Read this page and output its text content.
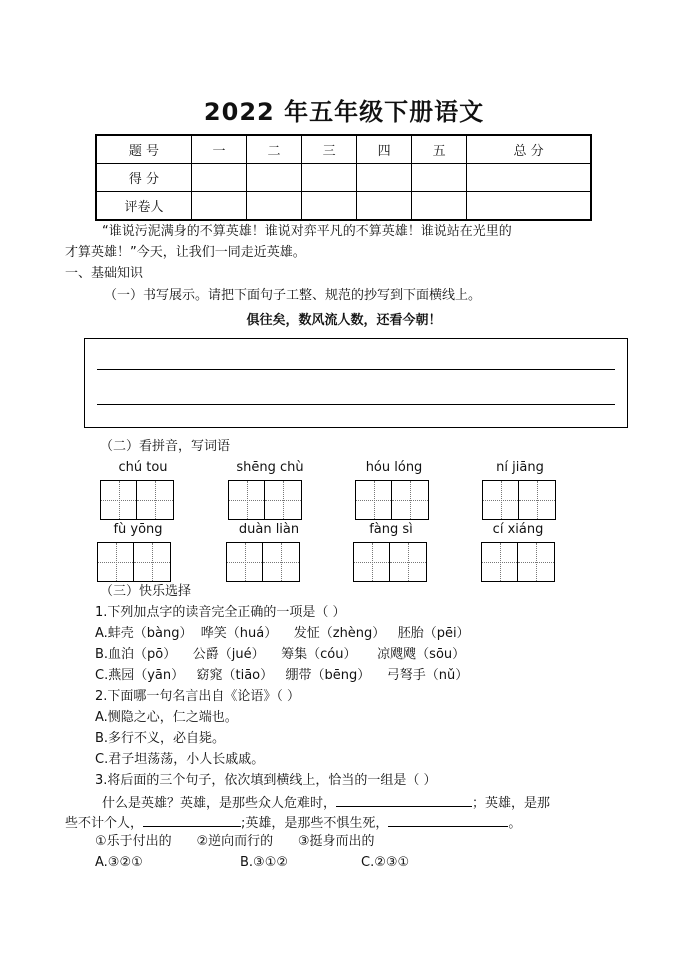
2022 年五年级下册语文
题 号	一	二	三	四	五	总 分
得 分						
评卷人						
“谁说污泥满身的不算英雄！谁说对弈平凡的不算英雄！谁说站在光里的
才算英雄！”今天，让我们一同走近英雄。
一、基础知识
（一）书写展示。请把下面句子工整、规范的抄写到下面横线上。
俱往矣，数风流人数，还看今朝！
（二）看拼音，写词语
chú tou	shēng chù	hóu lóng	ní jiāng
fù yōng	duàn liàn	fàng sì	cí xiáng
（三）快乐选择
1.下列加点字的读音完全正确的一项是（ ）
A.蚌壳（bàng）  哗笑（huá）    发怔（zhèng）   胚胎（pēi）
B.血泊（pō）    公爵（jué）    筹集（cóu）     凉飕飕（sōu）
C.燕园（yān）   窈窕（tiāo）   绷带（bēng）    弓弩手（nǔ）
2.下面哪一句名言出自《论语》（ ）
A.恻隐之心，仁之端也。
B.多行不义，必自毙。
C.君子坦荡荡，小人长戚戚。
3.将后面的三个句子，依次填到横线上，恰当的一组是（ ）
什么是英雄？英雄，是那些众人危难时，	；英雄，是那
些不计个人，	;英雄，是那些不惧生死，	。
①乐于付出的      ②逆向而行的      ③挺身而出的
A.③②①	B.③①②	C.②③①
